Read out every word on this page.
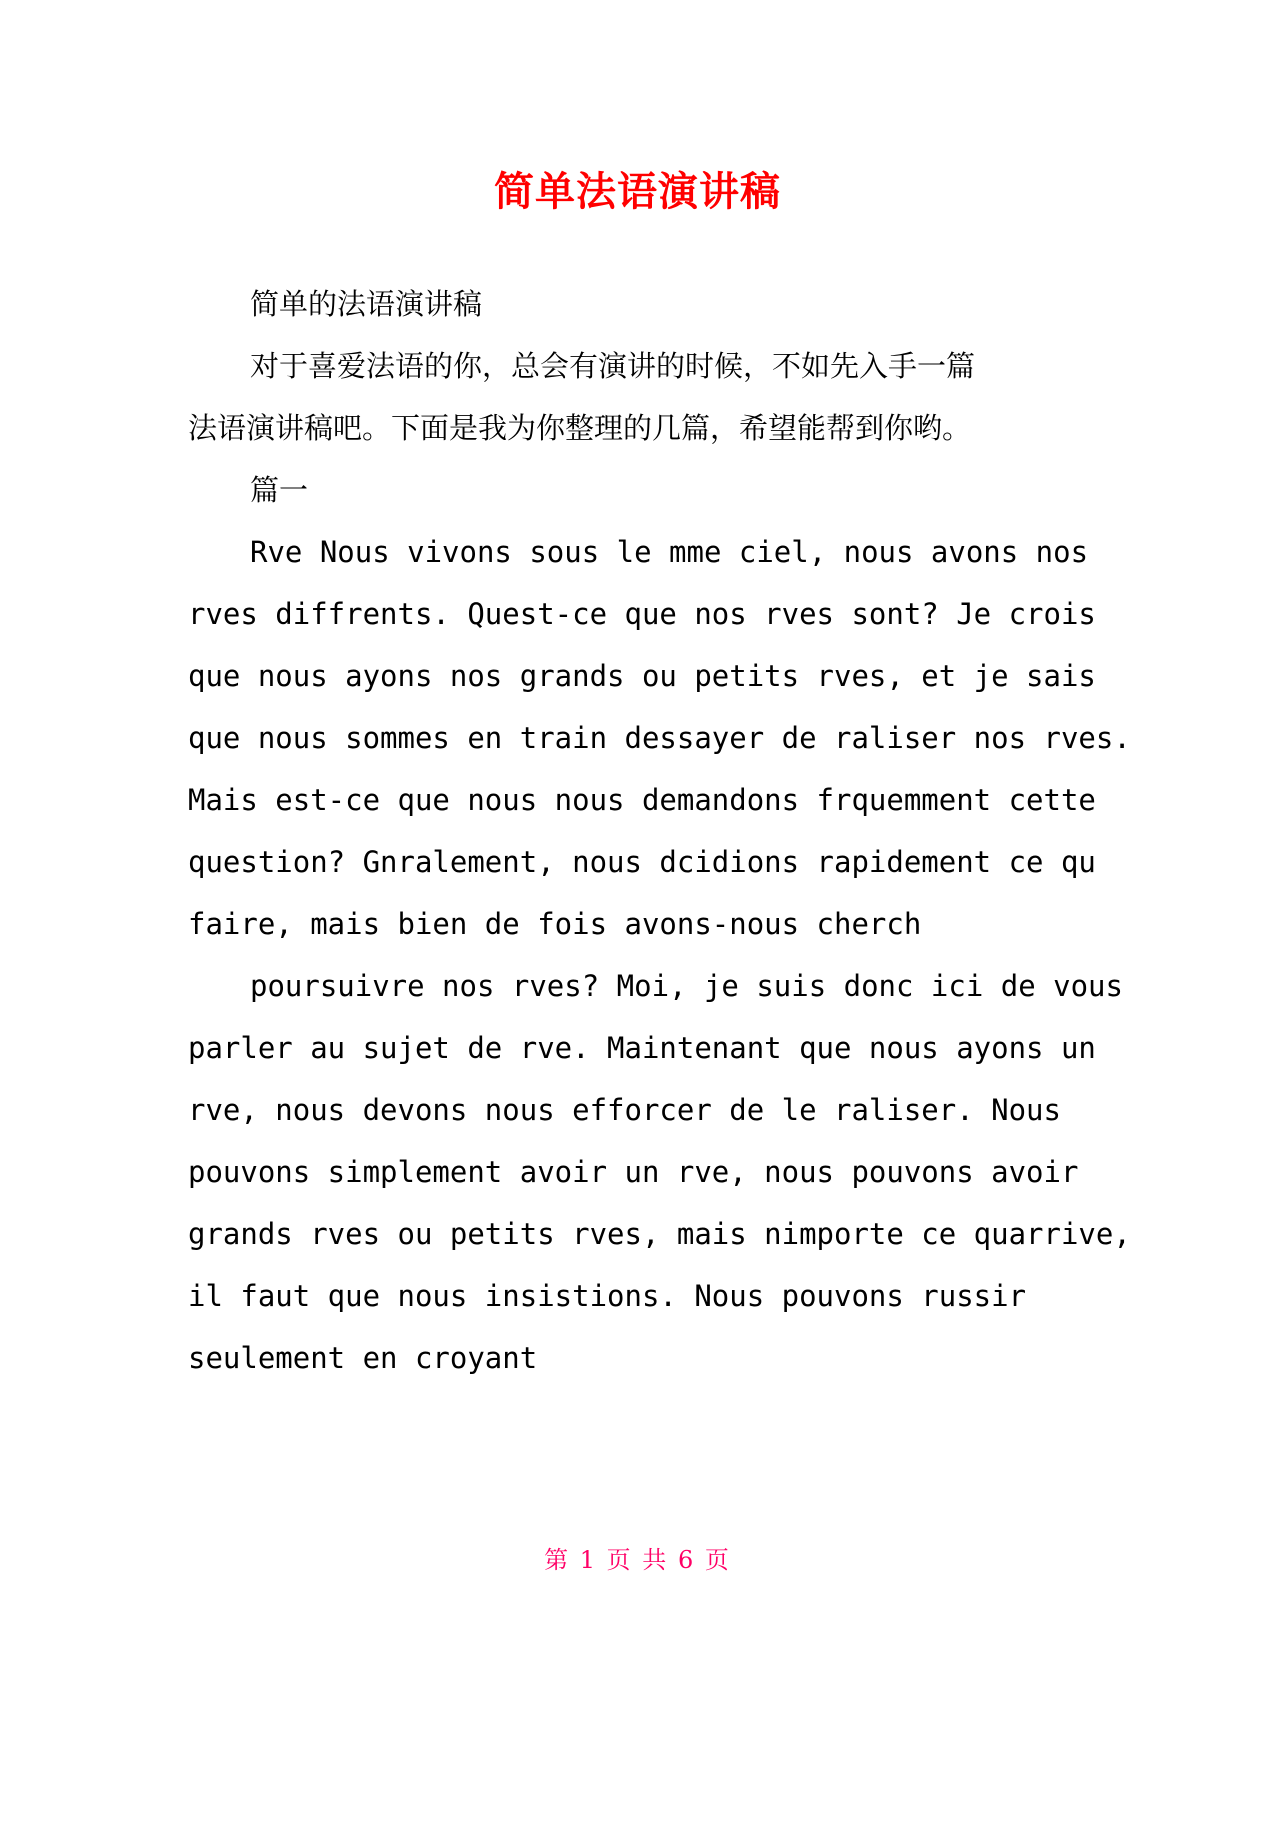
简单法语演讲稿

简单的法语演讲稿

对于喜爱法语的你，总会有演讲的时候，不如先入手一篇

法语演讲稿吧。下面是我为你整理的几篇，希望能帮到你哟。

篇一

Rve Nous vivons sous le mme ciel, nous avons nos

rves diffrents. Quest-ce que nos rves sont? Je crois

que nous ayons nos grands ou petits rves, et je sais

que nous sommes en train dessayer de raliser nos rves.

Mais est-ce que nous nous demandons frquemment cette

question? Gnralement, nous dcidions rapidement ce qu

faire, mais bien de fois avons-nous cherch

poursuivre nos rves? Moi, je suis donc ici de vous

parler au sujet de rve. Maintenant que nous ayons un

rve, nous devons nous efforcer de le raliser. Nous

pouvons simplement avoir un rve, nous pouvons avoir

grands rves ou petits rves, mais nimporte ce quarrive,

il faut que nous insistions. Nous pouvons russir

seulement en croyant

第 1 页 共 6 页
